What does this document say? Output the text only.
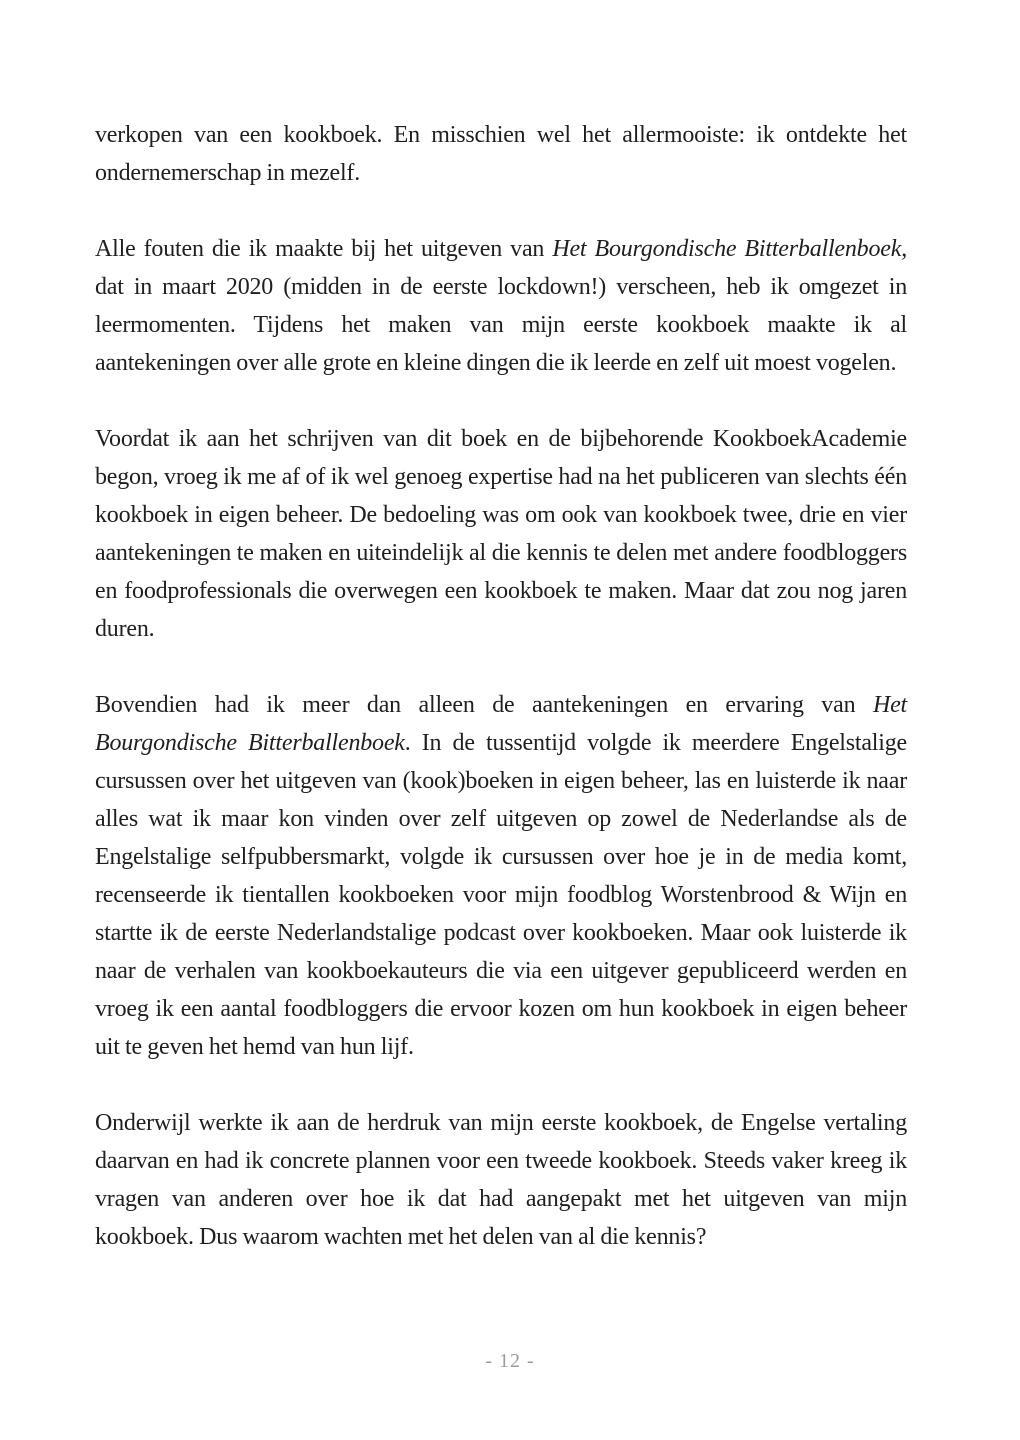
verkopen van een kookboek. En misschien wel het allermooiste: ik ontdekte het ondernemerschap in mezelf.

Alle fouten die ik maakte bij het uitgeven van Het Bourgondische Bitterballenboek, dat in maart 2020 (midden in de eerste lockdown!) verscheen, heb ik omgezet in leermomenten. Tijdens het maken van mijn eerste kookboek maakte ik al aantekeningen over alle grote en kleine dingen die ik leerde en zelf uit moest vogelen.

Voordat ik aan het schrijven van dit boek en de bijbehorende KookboekAcademie begon, vroeg ik me af of ik wel genoeg expertise had na het publiceren van slechts één kookboek in eigen beheer. De bedoeling was om ook van kookboek twee, drie en vier aantekeningen te maken en uiteindelijk al die kennis te delen met andere foodbloggers en foodprofessionals die overwegen een kookboek te maken. Maar dat zou nog jaren duren.

Bovendien had ik meer dan alleen de aantekeningen en ervaring van Het Bourgondische Bitterballenboek. In de tussentijd volgde ik meerdere Engelstalige cursussen over het uitgeven van (kook)boeken in eigen beheer, las en luisterde ik naar alles wat ik maar kon vinden over zelf uitgeven op zowel de Nederlandse als de Engelstalige selfpubbersmarkt, volgde ik cursussen over hoe je in de media komt, recenseerde ik tientallen kookboeken voor mijn foodblog Worstenbrood & Wijn en startte ik de eerste Nederlandstalige podcast over kookboeken. Maar ook luisterde ik naar de verhalen van kookboekauteurs die via een uitgever gepubliceerd werden en vroeg ik een aantal foodbloggers die ervoor kozen om hun kookboek in eigen beheer uit te geven het hemd van hun lijf.

Onderwijl werkte ik aan de herdruk van mijn eerste kookboek, de Engelse vertaling daarvan en had ik concrete plannen voor een tweede kookboek. Steeds vaker kreeg ik vragen van anderen over hoe ik dat had aangepakt met het uitgeven van mijn kookboek. Dus waarom wachten met het delen van al die kennis?

- 12 -
